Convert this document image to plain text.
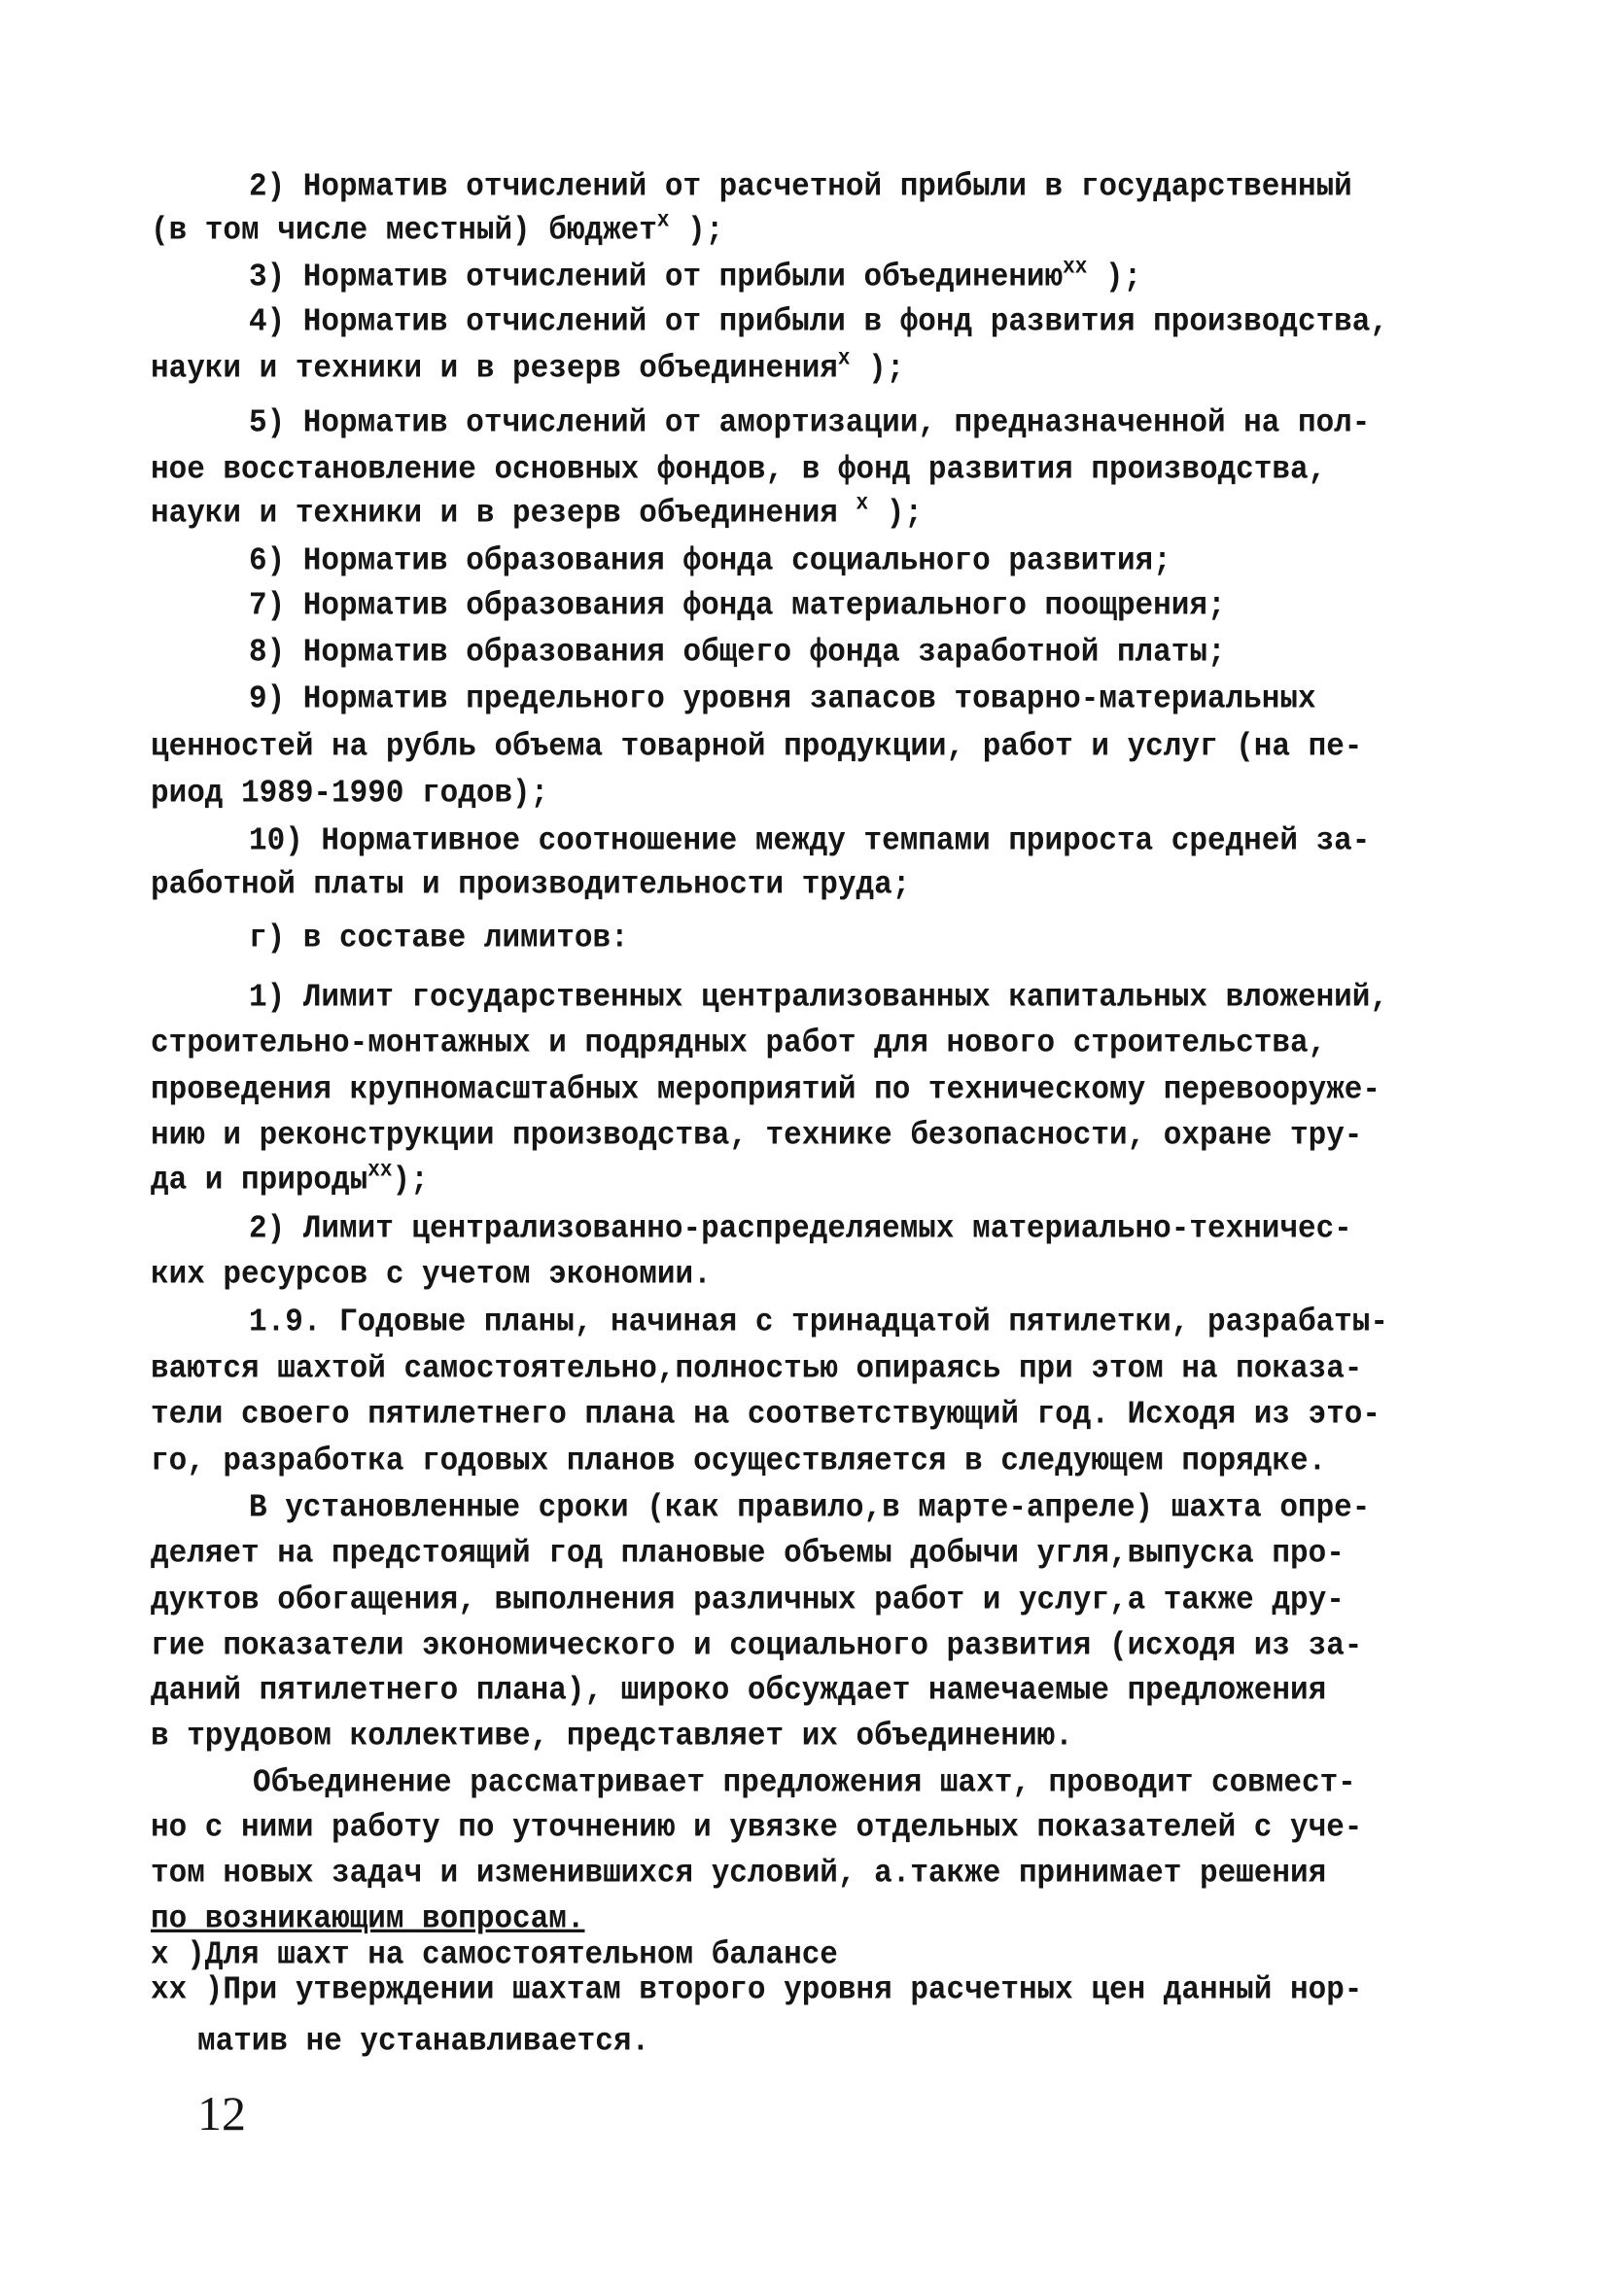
2) Норматив отчислений от расчетной прибыли в государственный
(в том числе местный) бюджет$^x$ );
3) Норматив отчислений от прибыли объединению$^{xx}$ );
4) Норматив отчислений от прибыли в фонд развития производства,
науки и техники и в резерв объединения$^x$ );
5) Норматив отчислений от амортизации, предназначенной на пол-
ное восстановление основных фондов, в фонд развития производства,
науки и техники и в резерв объединения $^x$ );
6) Норматив образования фонда социального развития;
7) Норматив образования фонда материального поощрения;
8) Норматив образования общего фонда заработной платы;
9) Норматив предельного уровня запасов товарно-материальных
ценностей на рубль объема товарной продукции, работ и услуг (на пе-
риод 1989-1990 годов);
10) Нормативное соотношение между темпами прироста средней за-
работной платы и производительности труда;
г) в составе лимитов:
1) Лимит государственных централизованных капитальных вложений,
строительно-монтажных и подрядных работ для нового строительства,
проведения крупномасштабных мероприятий по техническому перевооруже-
нию и реконструкции производства, технике безопасности, охране тру-
да и природы$^{xx}$);
2) Лимит централизованно-распределяемых материально-техничес-
ких ресурсов с учетом экономии.
1.9. Годовые планы, начиная с тринадцатой пятилетки, разрабаты-
ваются шахтой самостоятельно,полностью опираясь при этом на показа-
тели своего пятилетнего плана на соответствующий год. Исходя из это-
го, разработка годовых планов осуществляется в следующем порядке.
В установленные сроки (как правило,в марте-апреле) шахта опре-
деляет на предстоящий год плановые объемы добычи угля,выпуска про-
дуктов обогащения, выполнения различных работ и услуг,а также дру-
гие показатели экономического и социального развития (исходя из за-
даний пятилетнего плана), широко обсуждает намечаемые предложения
в трудовом коллективе, представляет их объединению.
Объединение рассматривает предложения шахт, проводит совмест-
но с ними работу по уточнению и увязке отдельных показателей с уче-
том новых задач и изменившихся условий, а.также принимает решения
по возникающим вопросам.
x )Для шахт на самостоятельном балансе
xx )При утверждении шахтам второго уровня расчетных цен данный нор-
матив не устанавливается.
12
